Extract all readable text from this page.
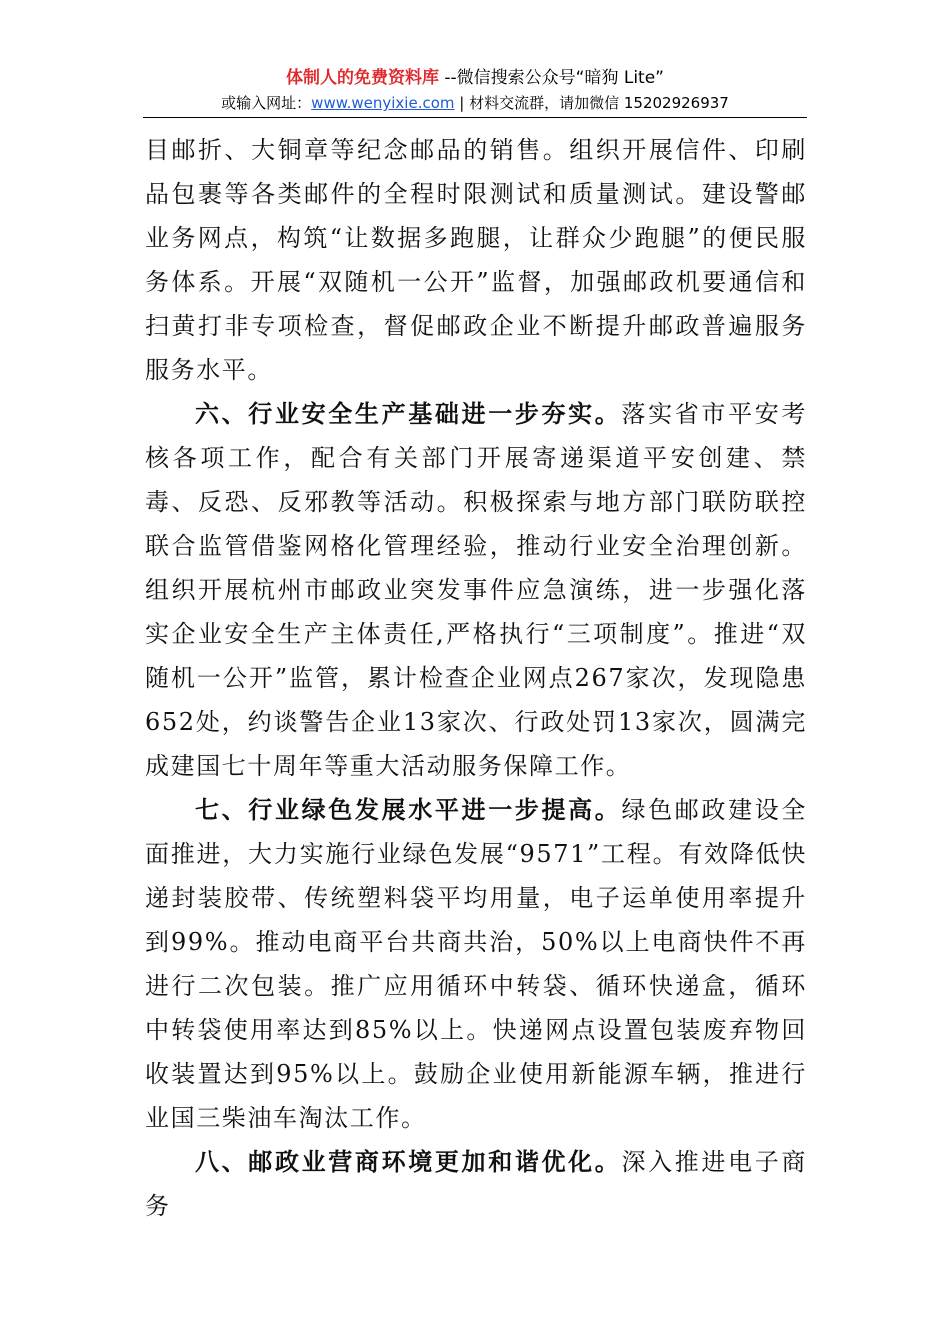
体制人的免费资料库 --微信搜索公众号“暗狗 Lite”
或输入网址：www.wenyixie.com | 材料交流群，请加微信 15202926937

目邮折、大铜章等纪念邮品的销售。组织开展信件、印刷品包裹等各类邮件的全程时限测试和质量测试。建设警邮业务网点，构筑“让数据多跑腿，让群众少跑腿”的便民服务体系。开展“双随机一公开”监督，加强邮政机要通信和扫黄打非专项检查，督促邮政企业不断提升邮政普遍服务服务水平。

六、行业安全生产基础进一步夯实。落实省市平安考核各项工作，配合有关部门开展寄递渠道平安创建、禁毒、反恐、反邪教等活动。积极探索与地方部门联防联控联合监管借鉴网格化管理经验，推动行业安全治理创新。组织开展杭州市邮政业突发事件应急演练，进一步强化落实企业安全生产主体责任,严格执行“三项制度”。推进“双随机一公开”监管，累计检查企业网点267家次，发现隐患652处，约谈警告企业13家次、行政处罚13家次，圆满完成建国七十周年等重大活动服务保障工作。

七、行业绿色发展水平进一步提高。绿色邮政建设全面推进，大力实施行业绿色发展“9571”工程。有效降低快递封装胶带、传统塑料袋平均用量，电子运单使用率提升到99%。推动电商平台共商共治，50%以上电商快件不再进行二次包装。推广应用循环中转袋、循环快递盒，循环中转袋使用率达到85%以上。快递网点设置包装废弃物回收装置达到95%以上。鼓励企业使用新能源车辆，推进行业国三柴油车淘汰工作。

八、邮政业营商环境更加和谐优化。深入推进电子商务
